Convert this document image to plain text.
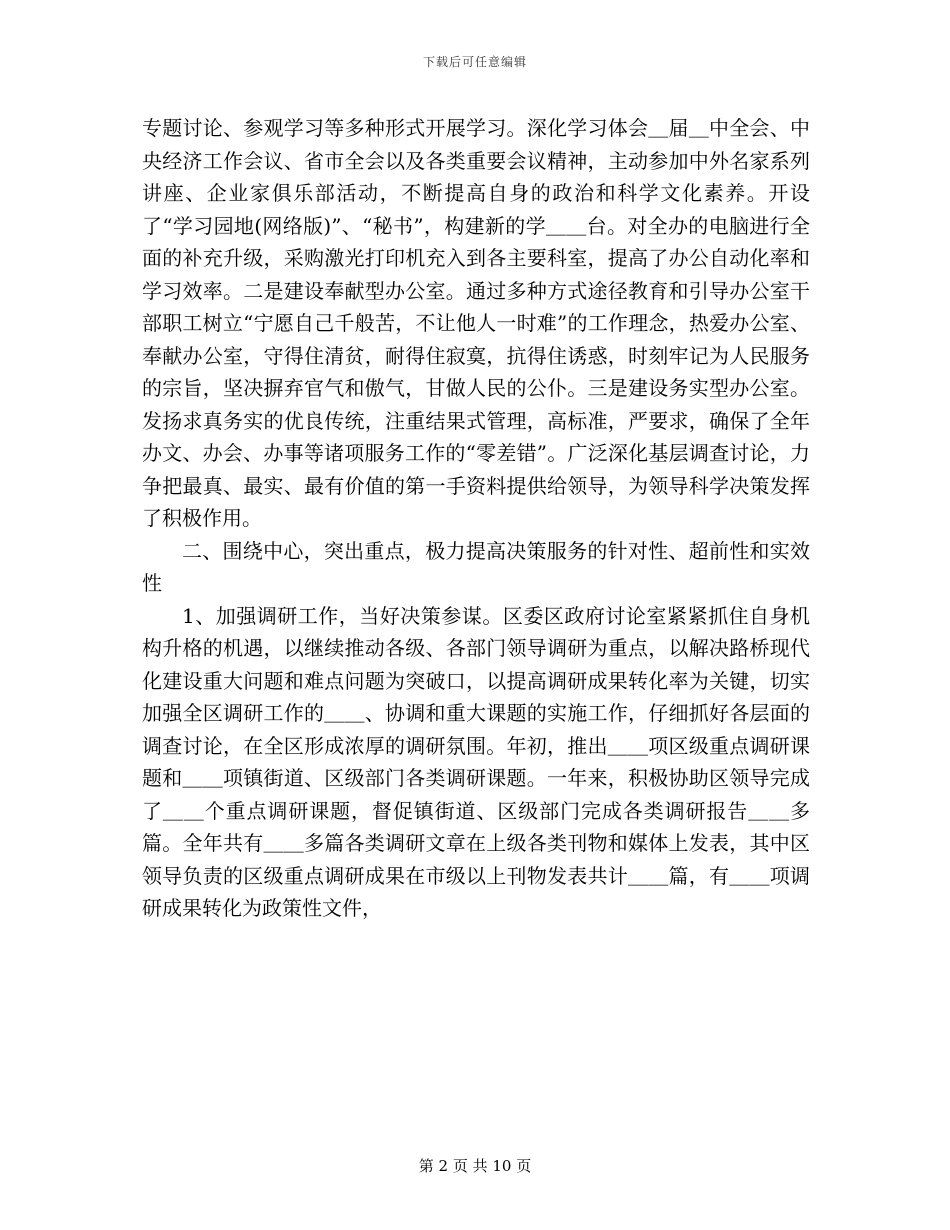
下载后可任意编辑

专题讨论、参观学习等多种形式开展学习。深化学习体会＿届＿中全会、中央经济工作会议、省市全会以及各类重要会议精神，主动参加中外名家系列讲座、企业家俱乐部活动，不断提高自身的政治和科学文化素养。开设了“学习园地(网络版)”、“秘书”，构建新的学＿＿台。对全办的电脑进行全面的补充升级，采购激光打印机充入到各主要科室，提高了办公自动化率和学习效率。二是建设奉献型办公室。通过多种方式途径教育和引导办公室干部职工树立“宁愿自己千般苦，不让他人一时难”的工作理念，热爱办公室、奉献办公室，守得住清贫，耐得住寂寞，抗得住诱惑，时刻牢记为人民服务的宗旨，坚决摒弃官气和傲气，甘做人民的公仆。三是建设务实型办公室。发扬求真务实的优良传统，注重结果式管理，高标准，严要求，确保了全年办文、办会、办事等诸项服务工作的“零差错”。广泛深化基层调查讨论，力争把最真、最实、最有价值的第一手资料提供给领导，为领导科学决策发挥了积极作用。

二、围绕中心，突出重点，极力提高决策服务的针对性、超前性和实效性

1、加强调研工作，当好决策参谋。区委区政府讨论室紧紧抓住自身机构升格的机遇，以继续推动各级、各部门领导调研为重点，以解决路桥现代化建设重大问题和难点问题为突破口，以提高调研成果转化率为关键，切实加强全区调研工作的＿＿、协调和重大课题的实施工作，仔细抓好各层面的调查讨论，在全区形成浓厚的调研氛围。年初，推出＿＿项区级重点调研课题和＿＿项镇街道、区级部门各类调研课题。一年来，积极协助区领导完成了＿＿个重点调研课题，督促镇街道、区级部门完成各类调研报告＿＿多篇。全年共有＿＿多篇各类调研文章在上级各类刊物和媒体上发表，其中区领导负责的区级重点调研成果在市级以上刊物发表共计＿＿篇，有＿＿项调研成果转化为政策性文件，

第 2 页 共 10 页
